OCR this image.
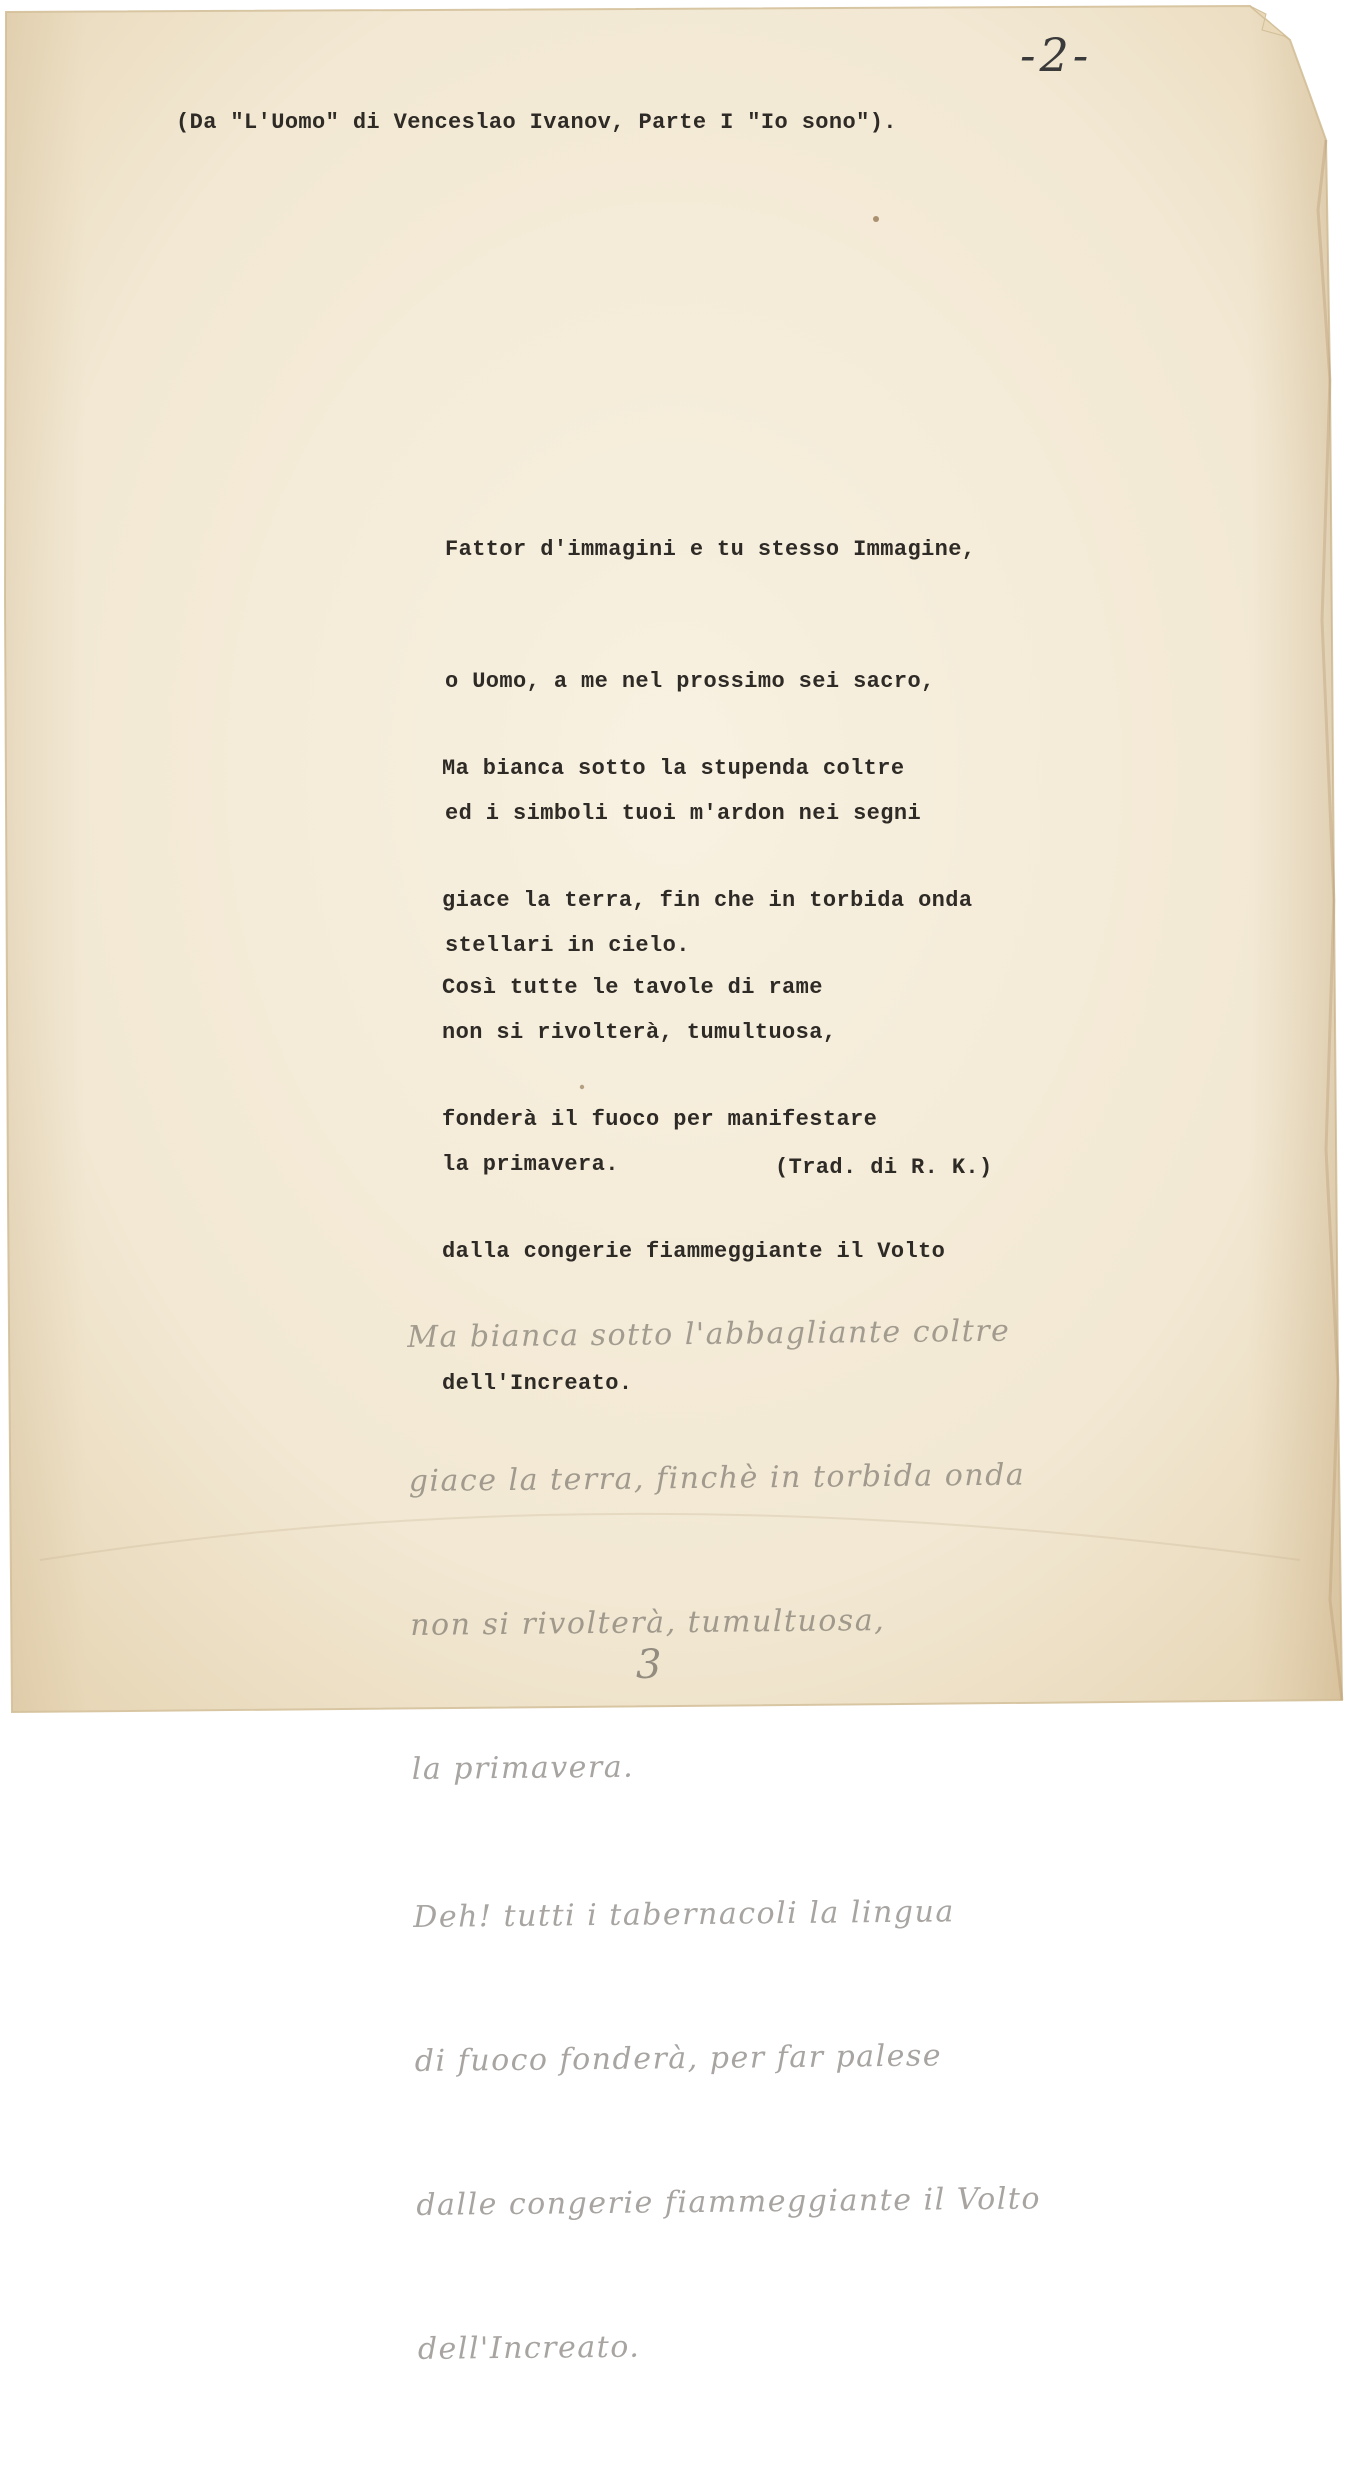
-2-
(Da "L'Uomo" di Venceslao Ivanov, Parte I "Io sono").

Fattor d'immagini e tu stesso Immagine,

o Uomo, a me nel prossimo sei sacro,

ed i simboli tuoi m'ardon nei segni

stellari in cielo.

Ma bianca sotto la stupenda coltre

giace la terra, fin che in torbida onda

non si rivolterà, tumultuosa,

la primavera.

Così tutte le tavole di rame

fonderà il fuoco per manifestare

dalla congerie fiammeggiante il Volto

dell'Increato.

(Trad. di R. K.)

Ma bianca sotto l'abbagliante coltre

giace la terra, finchè in torbida onda

non si rivolterà, tumultuosa,

la primavera.

Deh! tutti i tabernacoli la lingua

di fuoco fonderà, per far palese

dalle congerie fiammeggiante il Volto

dell'Increato.

3
